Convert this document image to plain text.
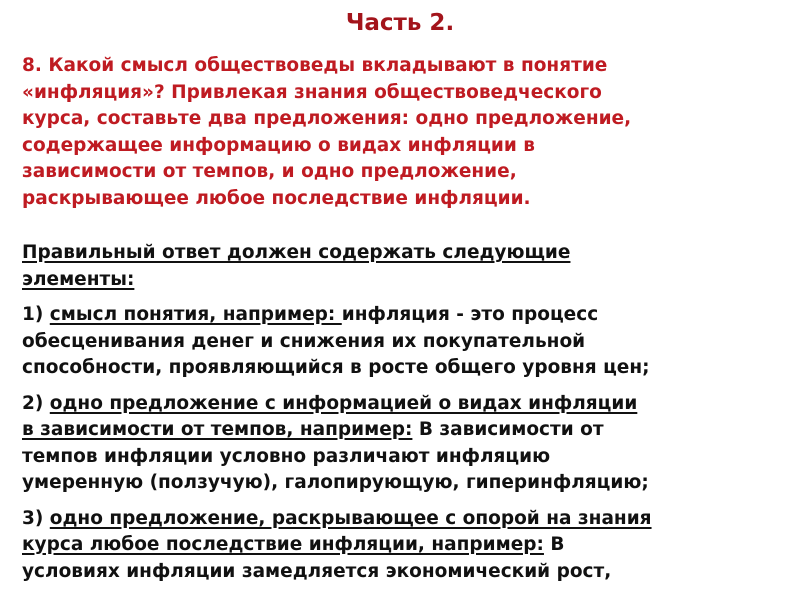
Часть 2.

8. Какой смысл обществоведы вкладывают в понятие
«инфляция»? Привлекая знания обществоведческого
курса, составьте два предложения: одно предложение,
содержащее информацию о видах инфляции в
зависимости от темпов, и одно предложение,
раскрывающее любое последствие инфляции.

Правильный ответ должен содержать следующие
элементы:

1) смысл понятия, например: инфляция - это процесс
обесценивания денег и снижения их покупательной
способности, проявляющийся в росте общего уровня цен;

2) одно предложение с информацией о видах инфляции
в зависимости от темпов, например: В зависимости от
темпов инфляции условно различают инфляцию
умеренную (ползучую), галопирующую, гиперинфляцию;

3) одно предложение, раскрывающее с опорой на знания
курса любое последствие инфляции, например: В
условиях инфляции замедляется экономический рост,
